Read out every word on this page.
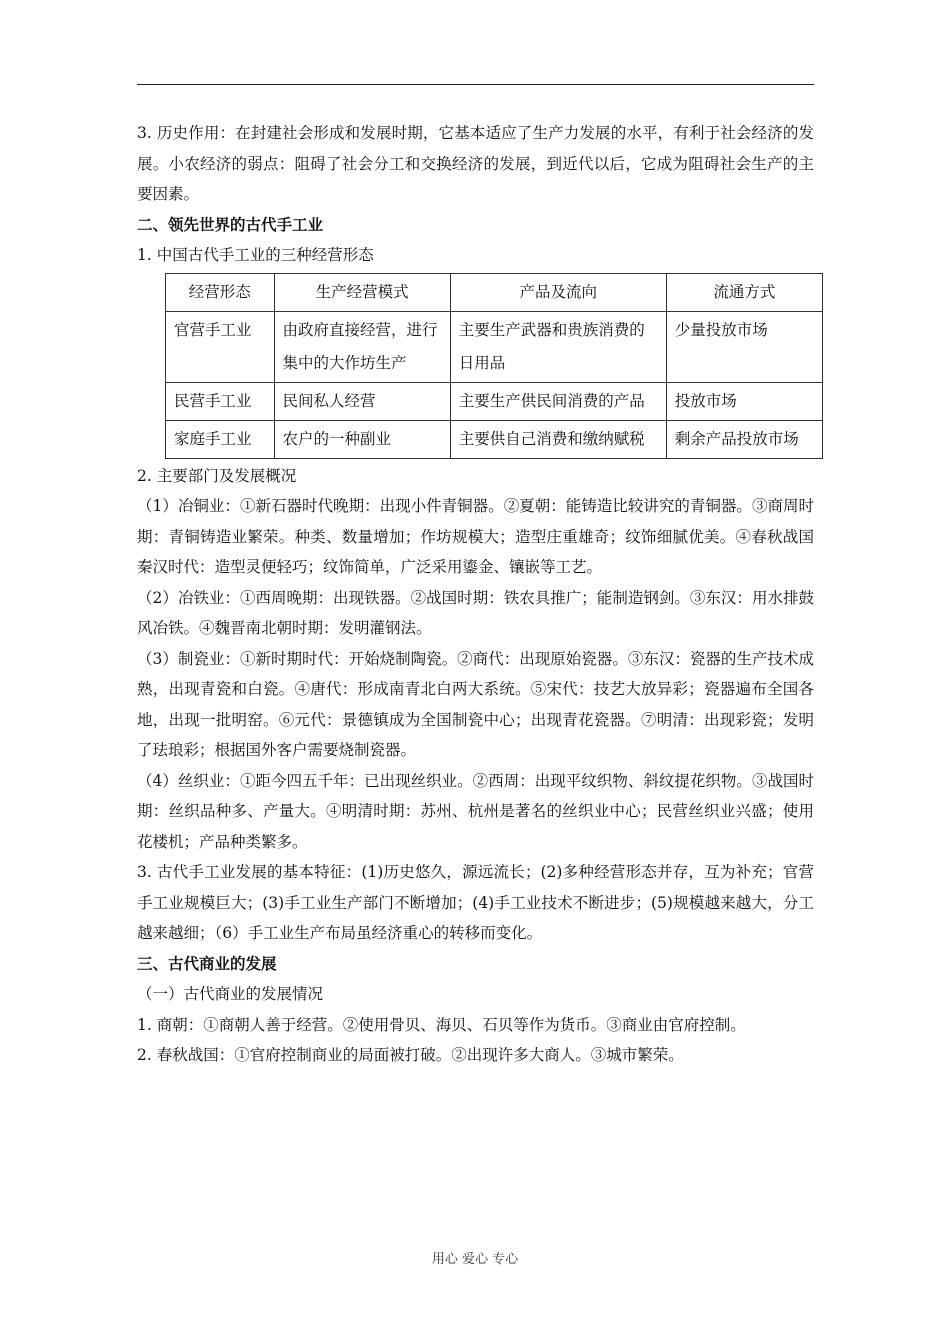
3. 历史作用：在封建社会形成和发展时期，它基本适应了生产力发展的水平，有利于社会经济的发展。小农经济的弱点：阻碍了社会分工和交换经济的发展，到近代以后，它成为阻碍社会生产的主要因素。

二、领先世界的古代手工业

1. 中国古代手工业的三种经营形态

经营形态	生产经营模式	产品及流向	流通方式
官营手工业	由政府直接经营，进行集中的大作坊生产	主要生产武器和贵族消费的日用品	少量投放市场
民营手工业	民间私人经营	主要生产供民间消费的产品	投放市场
家庭手工业	农户的一种副业	主要供自己消费和缴纳赋税	剩余产品投放市场

2. 主要部门及发展概况

（1）冶铜业：①新石器时代晚期：出现小件青铜器。②夏朝：能铸造比较讲究的青铜器。③商周时期：青铜铸造业繁荣。种类、数量增加；作坊规模大；造型庄重雄奇；纹饰细腻优美。④春秋战国秦汉时代：造型灵便轻巧；纹饰简单，广泛采用鎏金、镶嵌等工艺。

（2）冶铁业：①西周晚期：出现铁器。②战国时期：铁农具推广；能制造钢剑。③东汉：用水排鼓风冶铁。④魏晋南北朝时期：发明灌钢法。

（3）制瓷业：①新时期时代：开始烧制陶瓷。②商代：出现原始瓷器。③东汉：瓷器的生产技术成熟，出现青瓷和白瓷。④唐代：形成南青北白两大系统。⑤宋代：技艺大放异彩；瓷器遍布全国各地，出现一批明窑。⑥元代：景德镇成为全国制瓷中心；出现青花瓷器。⑦明清：出现彩瓷；发明了珐琅彩；根据国外客户需要烧制瓷器。

（4）丝织业：①距今四五千年：已出现丝织业。②西周：出现平纹织物、斜纹提花织物。③战国时期：丝织品种多、产量大。④明清时期：苏州、杭州是著名的丝织业中心；民营丝织业兴盛；使用花楼机；产品种类繁多。

3. 古代手工业发展的基本特征：(1)历史悠久，源远流长；(2)多种经营形态并存，互为补充；官营手工业规模巨大；(3)手工业生产部门不断增加；(4)手工业技术不断进步；(5)规模越来越大，分工越来越细；（6）手工业生产布局虽经济重心的转移而变化。

三、古代商业的发展

（一）古代商业的发展情况

1. 商朝：①商朝人善于经营。②使用骨贝、海贝、石贝等作为货币。③商业由官府控制。

2. 春秋战国：①官府控制商业的局面被打破。②出现许多大商人。③城市繁荣。

用心 爱心 专心
